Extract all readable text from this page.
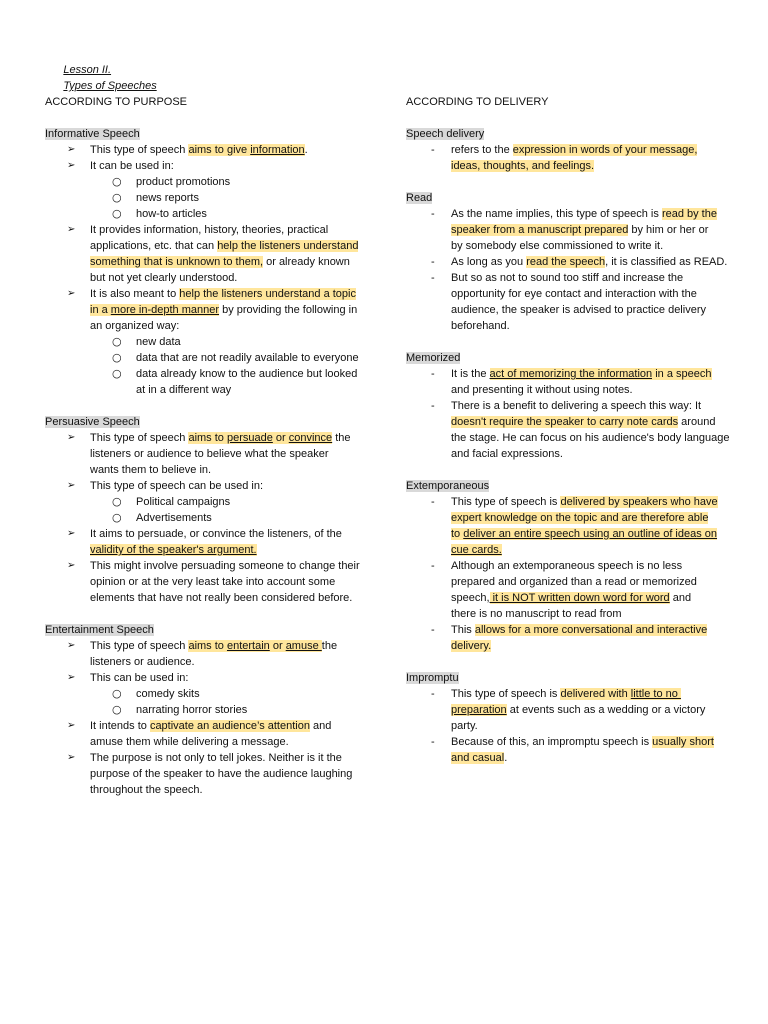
Lesson II.

Types of Speeches

ACCORDING TO PURPOSE
Informative Speech
➢ This type of speech aims to give information.
➢ It can be used in:
○ product promotions
○ news reports
○ how-to articles
➢ It provides information, history, theories, practical
applications, etc. that can help the listeners understand
something that is unknown to them, or already known
but not yet clearly understood.
➢ It is also meant to help the listeners understand a topic
in a more in-depth manner by providing the following in
an organized way:
○ new data
○ data that are not readily available to everyone
○ data already know to the audience but looked
at in a different way
Persuasive Speech
➢ This type of speech aims to persuade or convince the
listeners or audience to believe what the speaker
wants them to believe in.
➢ This type of speech can be used in:
○ Political campaigns
○ Advertisements
➢ It aims to persuade, or convince the listeners, of the
validity of the speaker's argument.
➢ This might involve persuading someone to change their
opinion or at the very least take into account some
elements that have not really been considered before.
Entertainment Speech
➢ This type of speech aims to entertain or amuse the
listeners or audience.
➢ This can be used in:
○ comedy skits
○ narrating horror stories
➢ It intends to captivate an audience’s attention and
amuse them while delivering a message.
➢ The purpose is not only to tell jokes. Neither is it the
purpose of the speaker to have the audience laughing
throughout the speech.
ACCORDING TO DELIVERY
Speech delivery
- refers to the expression in words of your message,
ideas, thoughts, and feelings.
Read
- As the name implies, this type of speech is read by the
speaker from a manuscript prepared by him or her or
by somebody else commissioned to write it.
- As long as you read the speech, it is classified as READ.
- But so as not to sound too stiff and increase the
opportunity for eye contact and interaction with the
audience, the speaker is advised to practice delivery
beforehand.
Memorized
- It is the act of memorizing the information in a speech
and presenting it without using notes.
- There is a benefit to delivering a speech this way: It
doesn't require the speaker to carry note cards around
the stage. He can focus on his audience's body language
and facial expressions.
Extemporaneous
- This type of speech is delivered by speakers who have
expert knowledge on the topic and are therefore able
to deliver an entire speech using an outline of ideas on
cue cards.
- Although an extemporaneous speech is no less
prepared and organized than a read or memorized
speech, it is NOT written down word for word and
there is no manuscript to read from
- This allows for a more conversational and interactive
delivery.
Impromptu
- This type of speech is delivered with little to no
preparation at events such as a wedding or a victory
party.
- Because of this, an impromptu speech is usually short
and casual.
